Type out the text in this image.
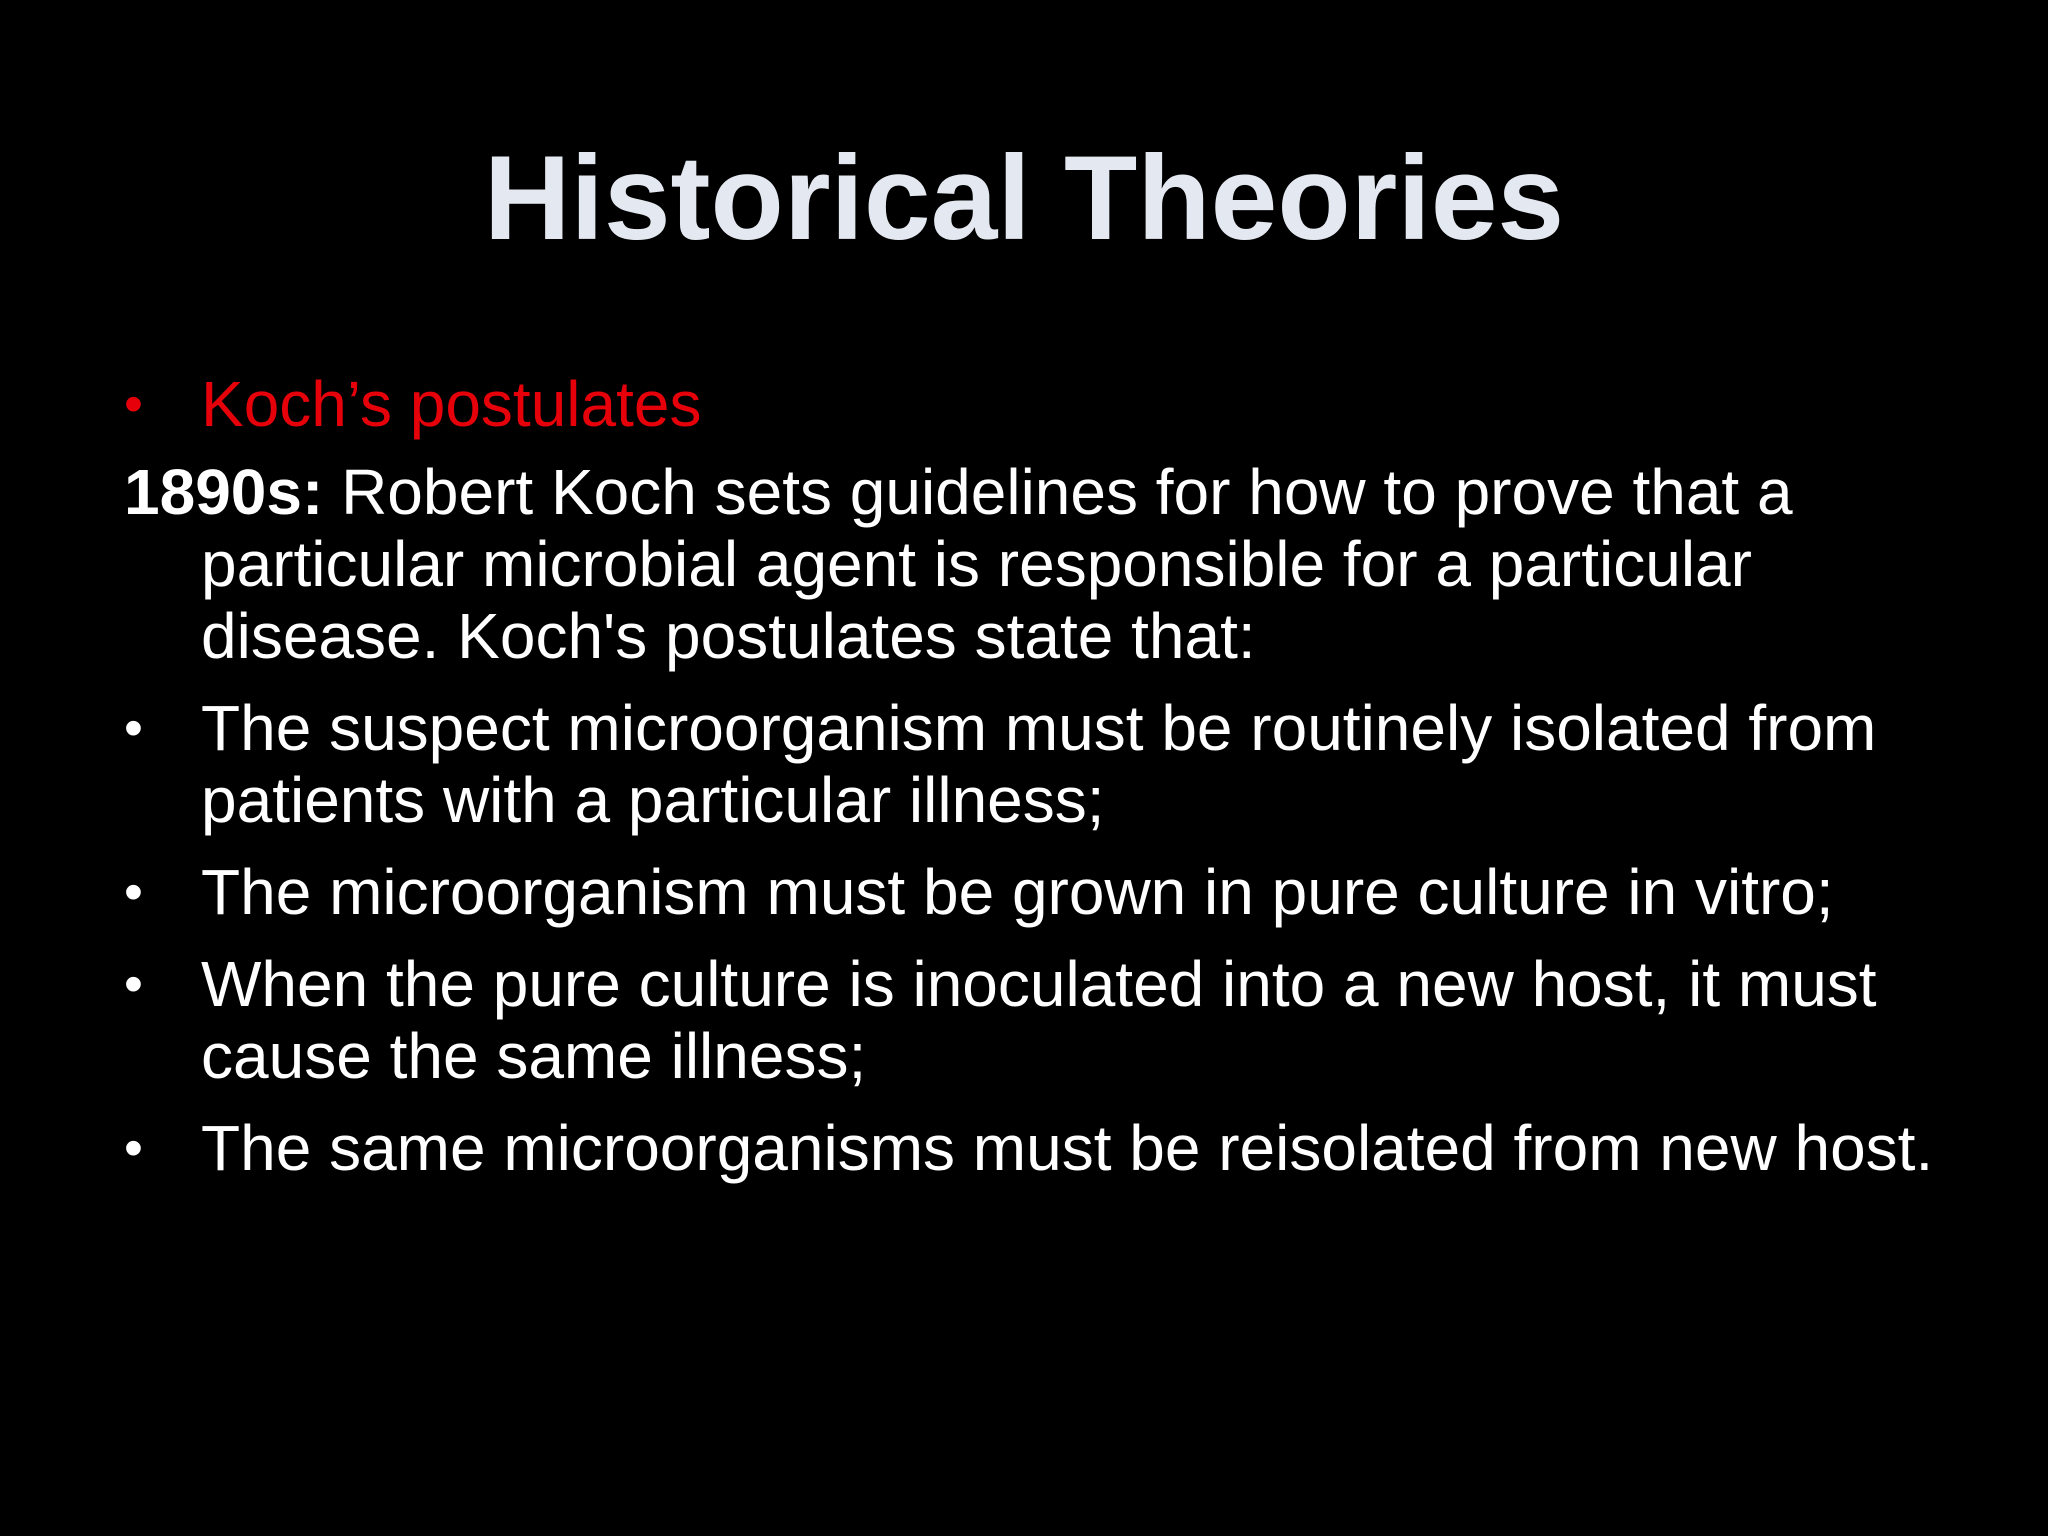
Historical Theories
• Koch’s postulates
1890s: Robert Koch sets guidelines for how to prove that a particular microbial agent is responsible for a particular disease. Koch's postulates state that:
• The suspect microorganism must be routinely isolated from patients with a particular illness;
• The microorganism must be grown in pure culture in vitro;
• When the pure culture is inoculated into a new host, it must cause the same illness;
• The same microorganisms must be reisolated from new host.
